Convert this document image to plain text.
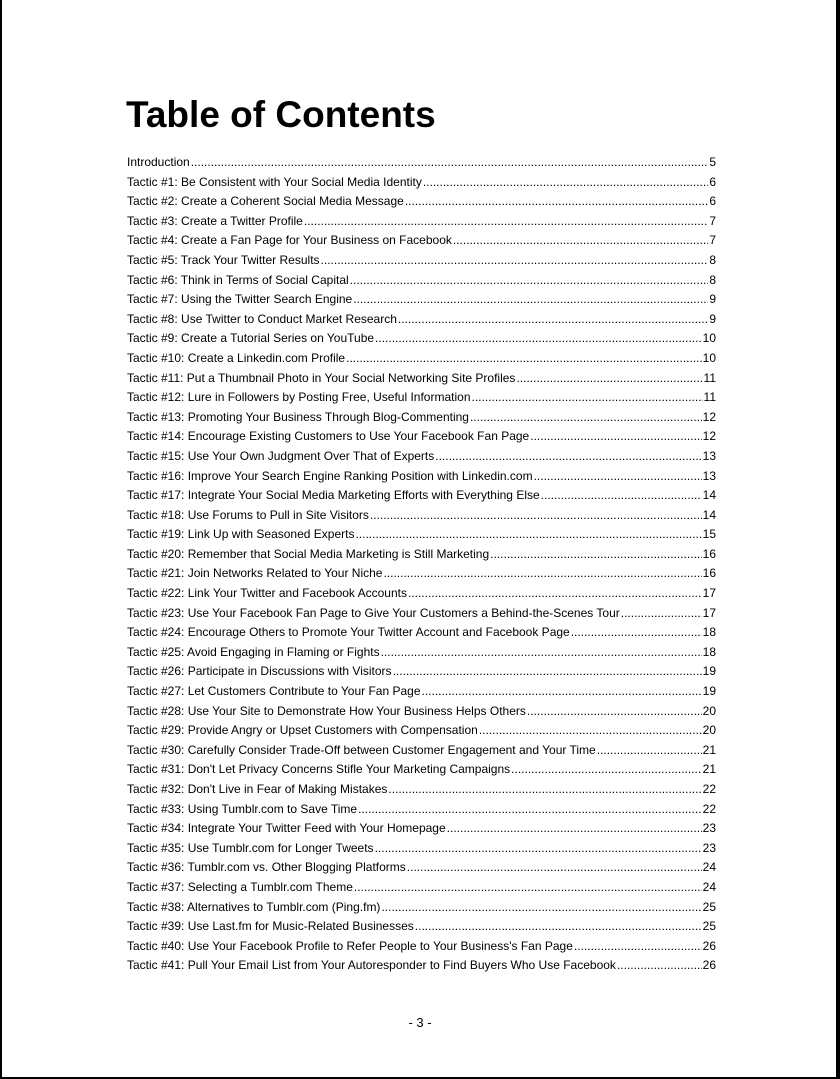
Table of Contents
Introduction .....	5
Tactic #1: Be Consistent with Your Social Media Identity .....	6
Tactic #2: Create a Coherent Social Media Message .....	6
Tactic #3: Create a Twitter Profile .....	7
Tactic #4: Create a Fan Page for Your Business on Facebook .....	7
Tactic #5: Track Your Twitter Results .....	8
Tactic #6: Think in Terms of Social Capital .....	8
Tactic #7: Using the Twitter Search Engine .....	9
Tactic #8: Use Twitter to Conduct Market Research .....	9
Tactic #9: Create a Tutorial Series on YouTube .....	10
Tactic #10: Create a Linkedin.com Profile .....	10
Tactic #11: Put a Thumbnail Photo in Your Social Networking Site Profiles .....	11
Tactic #12: Lure in Followers by Posting Free, Useful Information .....	11
Tactic #13: Promoting Your Business Through Blog-Commenting .....	12
Tactic #14: Encourage Existing Customers to Use Your Facebook Fan Page .....	12
Tactic #15: Use Your Own Judgment Over That of Experts .....	13
Tactic #16: Improve Your Search Engine Ranking Position with Linkedin.com .....	13
Tactic #17: Integrate Your Social Media Marketing Efforts with Everything Else .....	14
Tactic #18: Use Forums to Pull in Site Visitors .....	14
Tactic #19: Link Up with Seasoned Experts .....	15
Tactic #20: Remember that Social Media Marketing is Still Marketing .....	16
Tactic #21: Join Networks Related to Your Niche .....	16
Tactic #22: Link Your Twitter and Facebook Accounts .....	17
Tactic #23: Use Your Facebook Fan Page to Give Your Customers a Behind-the-Scenes Tour .....	17
Tactic #24: Encourage Others to Promote Your Twitter Account and Facebook Page .....	18
Tactic #25: Avoid Engaging in Flaming or Fights .....	18
Tactic #26: Participate in Discussions with Visitors .....	19
Tactic #27: Let Customers Contribute to Your Fan Page .....	19
Tactic #28: Use Your Site to Demonstrate How Your Business Helps Others .....	20
Tactic #29: Provide Angry or Upset Customers with Compensation .....	20
Tactic #30: Carefully Consider Trade-Off between Customer Engagement and Your Time .....	21
Tactic #31: Don't Let Privacy Concerns Stifle Your Marketing Campaigns .....	21
Tactic #32: Don't Live in Fear of Making Mistakes .....	22
Tactic #33: Using Tumblr.com to Save Time .....	22
Tactic #34: Integrate Your Twitter Feed with Your Homepage .....	23
Tactic #35: Use Tumblr.com for Longer Tweets .....	23
Tactic #36: Tumblr.com vs. Other Blogging Platforms .....	24
Tactic #37: Selecting a Tumblr.com Theme .....	24
Tactic #38: Alternatives to Tumblr.com (Ping.fm) .....	25
Tactic #39: Use Last.fm for Music-Related Businesses .....	25
Tactic #40: Use Your Facebook Profile to Refer People to Your Business's Fan Page .....	26
Tactic #41: Pull Your Email List from Your Autoresponder to Find Buyers Who Use Facebook .....	26
- 3 -
